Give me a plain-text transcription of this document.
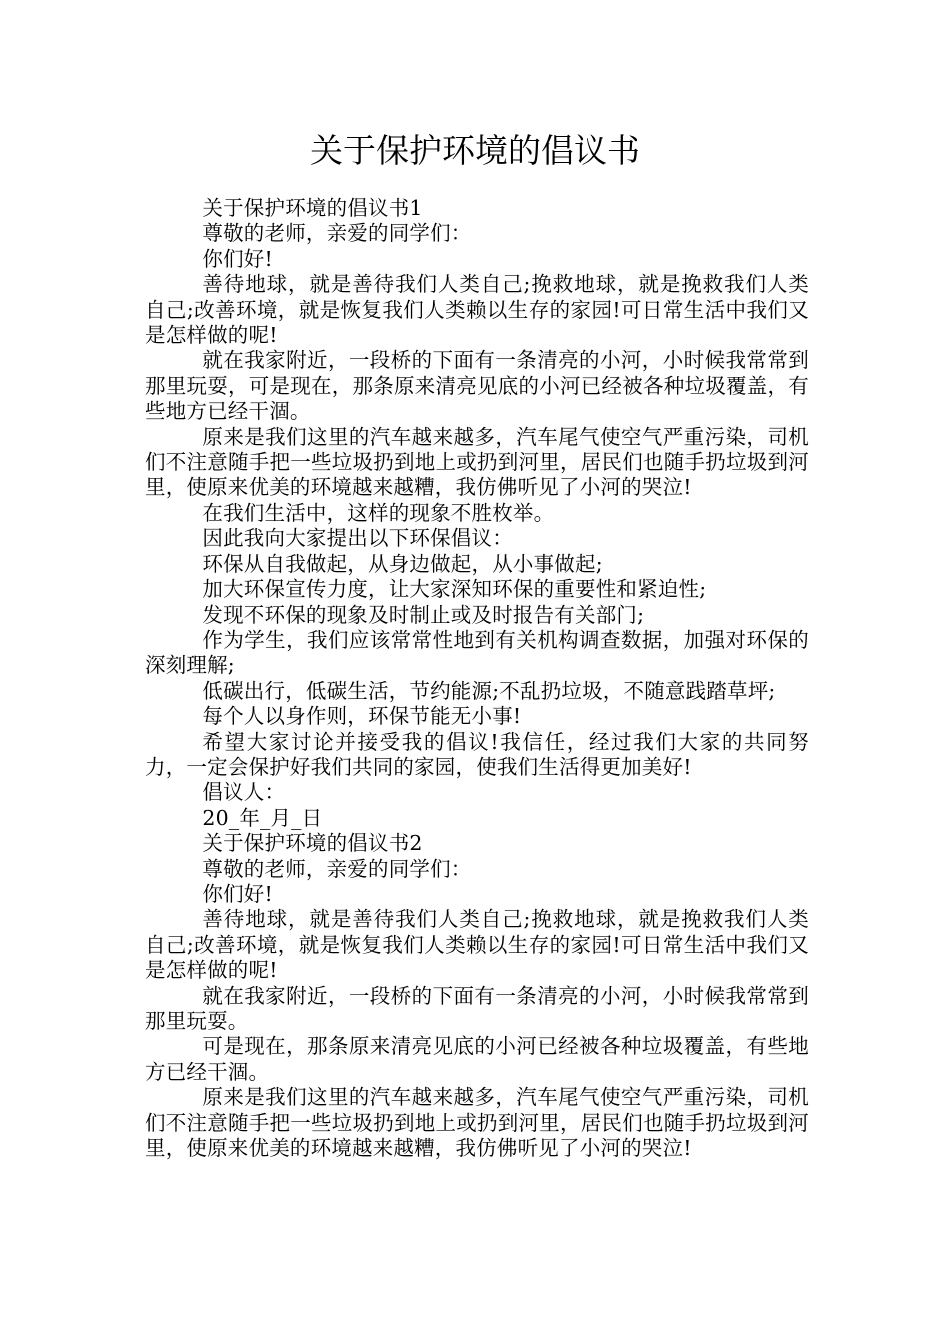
关于保护环境的倡议书

关于保护环境的倡议书1

尊敬的老师，亲爱的同学们：

你们好!

善待地球，就是善待我们人类自己;挽救地球，就是挽救我们人类自己;改善环境，就是恢复我们人类赖以生存的家园!可日常生活中我们又是怎样做的呢!

就在我家附近，一段桥的下面有一条清亮的小河，小时候我常常到那里玩耍，可是现在，那条原来清亮见底的小河已经被各种垃圾覆盖，有些地方已经干涸。

原来是我们这里的汽车越来越多，汽车尾气使空气严重污染，司机们不注意随手把一些垃圾扔到地上或扔到河里，居民们也随手扔垃圾到河里，使原来优美的环境越来越糟，我仿佛听见了小河的哭泣!

在我们生活中，这样的现象不胜枚举。

因此我向大家提出以下环保倡议：

环保从自我做起，从身边做起，从小事做起;

加大环保宣传力度，让大家深知环保的重要性和紧迫性;

发现不环保的现象及时制止或及时报告有关部门;

作为学生，我们应该常常性地到有关机构调查数据，加强对环保的深刻理解;

低碳出行，低碳生活，节约能源;不乱扔垃圾，不随意践踏草坪;

每个人以身作则，环保节能无小事!

希望大家讨论并接受我的倡议!我信任，经过我们大家的共同努力，一定会保护好我们共同的家园，使我们生活得更加美好!

倡议人：

20_年_月_日

关于保护环境的倡议书2

尊敬的老师，亲爱的同学们：

你们好!

善待地球，就是善待我们人类自己;挽救地球，就是挽救我们人类自己;改善环境，就是恢复我们人类赖以生存的家园!可日常生活中我们又是怎样做的呢!

就在我家附近，一段桥的下面有一条清亮的小河，小时候我常常到那里玩耍。

可是现在，那条原来清亮见底的小河已经被各种垃圾覆盖，有些地方已经干涸。

原来是我们这里的汽车越来越多，汽车尾气使空气严重污染，司机们不注意随手把一些垃圾扔到地上或扔到河里，居民们也随手扔垃圾到河里，使原来优美的环境越来越糟，我仿佛听见了小河的哭泣!
